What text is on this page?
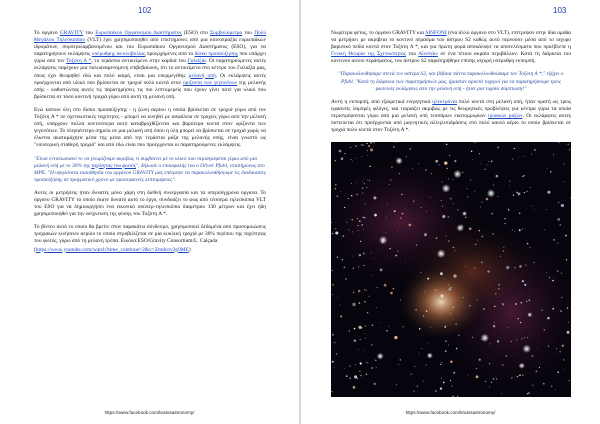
102

Το όργανο GRAVITY του Ευρωπαϊκού Οργανισμού Διαστήματος (ESO) στο Συμβολόμετρο του Πολύ Μεγάλου Τηλεσκοπίου (VLT) έχει χρησιμοποιηθεί από επιστήμονες από μια κοινοπραξία ευρωπαϊκών ιδρυμάτων, συμπεριλαμβανομένου και του Ευρωπαϊκού Οργανισμού Διαστήματος (ESO), για να παρατηρήσουν εκλάμψεις υπέρυθρης ακτινοβολίας προερχόμενες από το δίσκο προσαύξησης που υπάρχει γύρω από τον Τοξότη Α *, το τεράστιο αντικείμενο στην καρδιά του Γαλαξία. Οι παρατηρούμενες αυτές εκλάμψεις παρέχουν μια πολυαναμενόμενη επιβεβαίωση, ότι το αντικείμενο στο κέντρο του Γαλαξία μας, όπως έχει θεωρηθεί εδώ και πολύ καιρό, είναι μια υπερμεγέθης μελανή οπή. Οι εκλάμψεις αυτές προέρχονται από υλικό που βρίσκεται σε τροχιά πολύ κοντά στον ορίζοντα των γεγονότων της μελανής οπής - καθιστώντας αυτές τις παρατηρήσεις τις πιο λεπτομερείς που έχουν γίνει ποτέ για υλικό που βρίσκεται σε τόσο κοντινή τροχιά γύρω από αυτή τη μελανή οπή.

Ενώ κάποιο ύλη στο δίσκο προσαύξησης - η ζώνη αερίου η οποία βρίσκεται σε τροχιά γύρω από τον Τοξότη Α * σε σχετικιστικές ταχύτητες - μπορεί να κινηθεί με ασφάλεια σε τροχιές γύρω από την μελανή οπή, υπάρχουν πολλά κοντινότερα αυτό καταβροχθίζονται και βαρύτερα κοντά στον ορίζοντα των γεγονότων. Το πλησιέστερο σημείο σε μια μελανή οπή όπου η ύλη μπορεί να βρίσκεται σε τροχιά χωρίς να έλκεται ακαταμάχητα μέσα της μέσα από την τεράστια μάζα της μελανής οπής, είναι γνωστό ως "εσωτερική σταθερή τροχιά" και από εδώ είναι που προέρχονται οι παρατηρούμενες εκλάμψεις.

"Είναι εντυπωσιακό το να γνωρίζουμε ακριβώς τι συμβαίνει με το υλικό που περιστρέφεται γύρω από μια μελανή οπή με το 30% της ταχύτητας του φωτός", δήλωσε ο επικεφαλής του ο Oliver Pfuhl, επιστήμονας στο MPE. "Η υψηλότατα ευαισθησία του οργάνου GRAVITY μας επέτρεψε να παρακολουθήσουμε τις διαδικασίες προσαύξησης σε πραγματικό χρόνο με πρωτοφανείς λεπτομέρειες".

Αυτές οι μετρήσεις ήταν δυνατές μόνο χάρη στη διεθνή συνεργασία και τα υπερσύγχρονα όργανα. Το όργανο GRAVITY το οποίο έκανε δυνατό αυτό το έργο, συνδυάζει το φως από τέσσερα τηλεσκόπια VLT του ESO για να δημιουργήσει ένα εικονικό σούπερ-τηλεσκόπιο διαμέτρου 130 μέτρων και έχει ήδη χρησιμοποιηθεί για την ανίχνευση της φύσης του Τοξότη Α *.

Το βίντεο αυτό το οποίο θα βρείτε στον παρακάτω σύνδεσμο, χρησιμοποιεί δεδομένα από προσομοιώσεις τροχιακών κινήσεων αερίου το οποίο στροβιλίζεται σε μια κυκλική τροχιά με 30% περίπου της ταχύτητας του φωτός, γύρω από τη μελανή τρύπα. Εικόνα:ESO/Gravity Consortium/L. Calçada

(https://www.youtube.com/watch?time_continue=2&v=Zmdcov3p9ME)

https://www.facebook.com/kratosastronomy/
103

Νωρίτερα φέτος, το όργανο GRAVITY και SINFONI (ένα άλλο όργανο στο VLT), επέτρεψαν στην ίδια ομάδα να μετρήσει με ακρίβεια το κοντινό πέρασμα του άστρου S2 καθώς αυτό περνούσε μέσα από το ισχυρό βαρυτικό πεδίο κοντά στον Τοξότη Α *, και για πρώτη φορά αποκάλυψε τα αποτελέσματα που προέβλεπε η Γενική Θεωρία της Σχετικότητας του Αϊνστάιν σε ένα τέτοιο ακραίο περιβάλλον. Κατά τη διάρκεια του κοντινού αυτού περάσματος, του άστρου S2 παρατηρήθηκε επίσης ισχυρή υπέρυθρη εκπομπή.

"Παρακολουθήσαμε στενά τον αστέρα S2, και βέβαια πάντα παρακολουθούσαμε τον Τοξότη Α *," εξήγει ο Pfuhl. "Κατά τη διάρκεια των παρατηρήσεών μας, ήμασταν αρκετά τυχεροί για να παρατηρήσουμε τρεις φωτεινές εκλάμψεις από την μελανή οπή - ήταν μια τυχαία σύμπτωση!"

Αυτή η εκπομπή, από εξαιρετικά ενεργητικά ηλεκτρόνια πολύ κοντά στη μελανή οπή, ήταν ορατή ως τρεις εμφανείς λαμπρές φλόγες, και ταιριάζει ακριβώς με τις θεωρητικές προβλέψεις για κέντρα γύρω τα οποία περιστρέφονται γύρω από μια μελανή οπή τεσσάρων εκατομμυρίων ηλιακών μαζών. Οι εκλάμψεις αυτές πιστεύεται ότι προέρχονται από μαγνητικές αλληλεπιδράσεις στο πολύ καυτό αέριο το οποίο βρίσκεται σε τροχιά πολύ κοντά στον Τοξότη Α *.

https://www.facebook.com/kratosastronomy/
